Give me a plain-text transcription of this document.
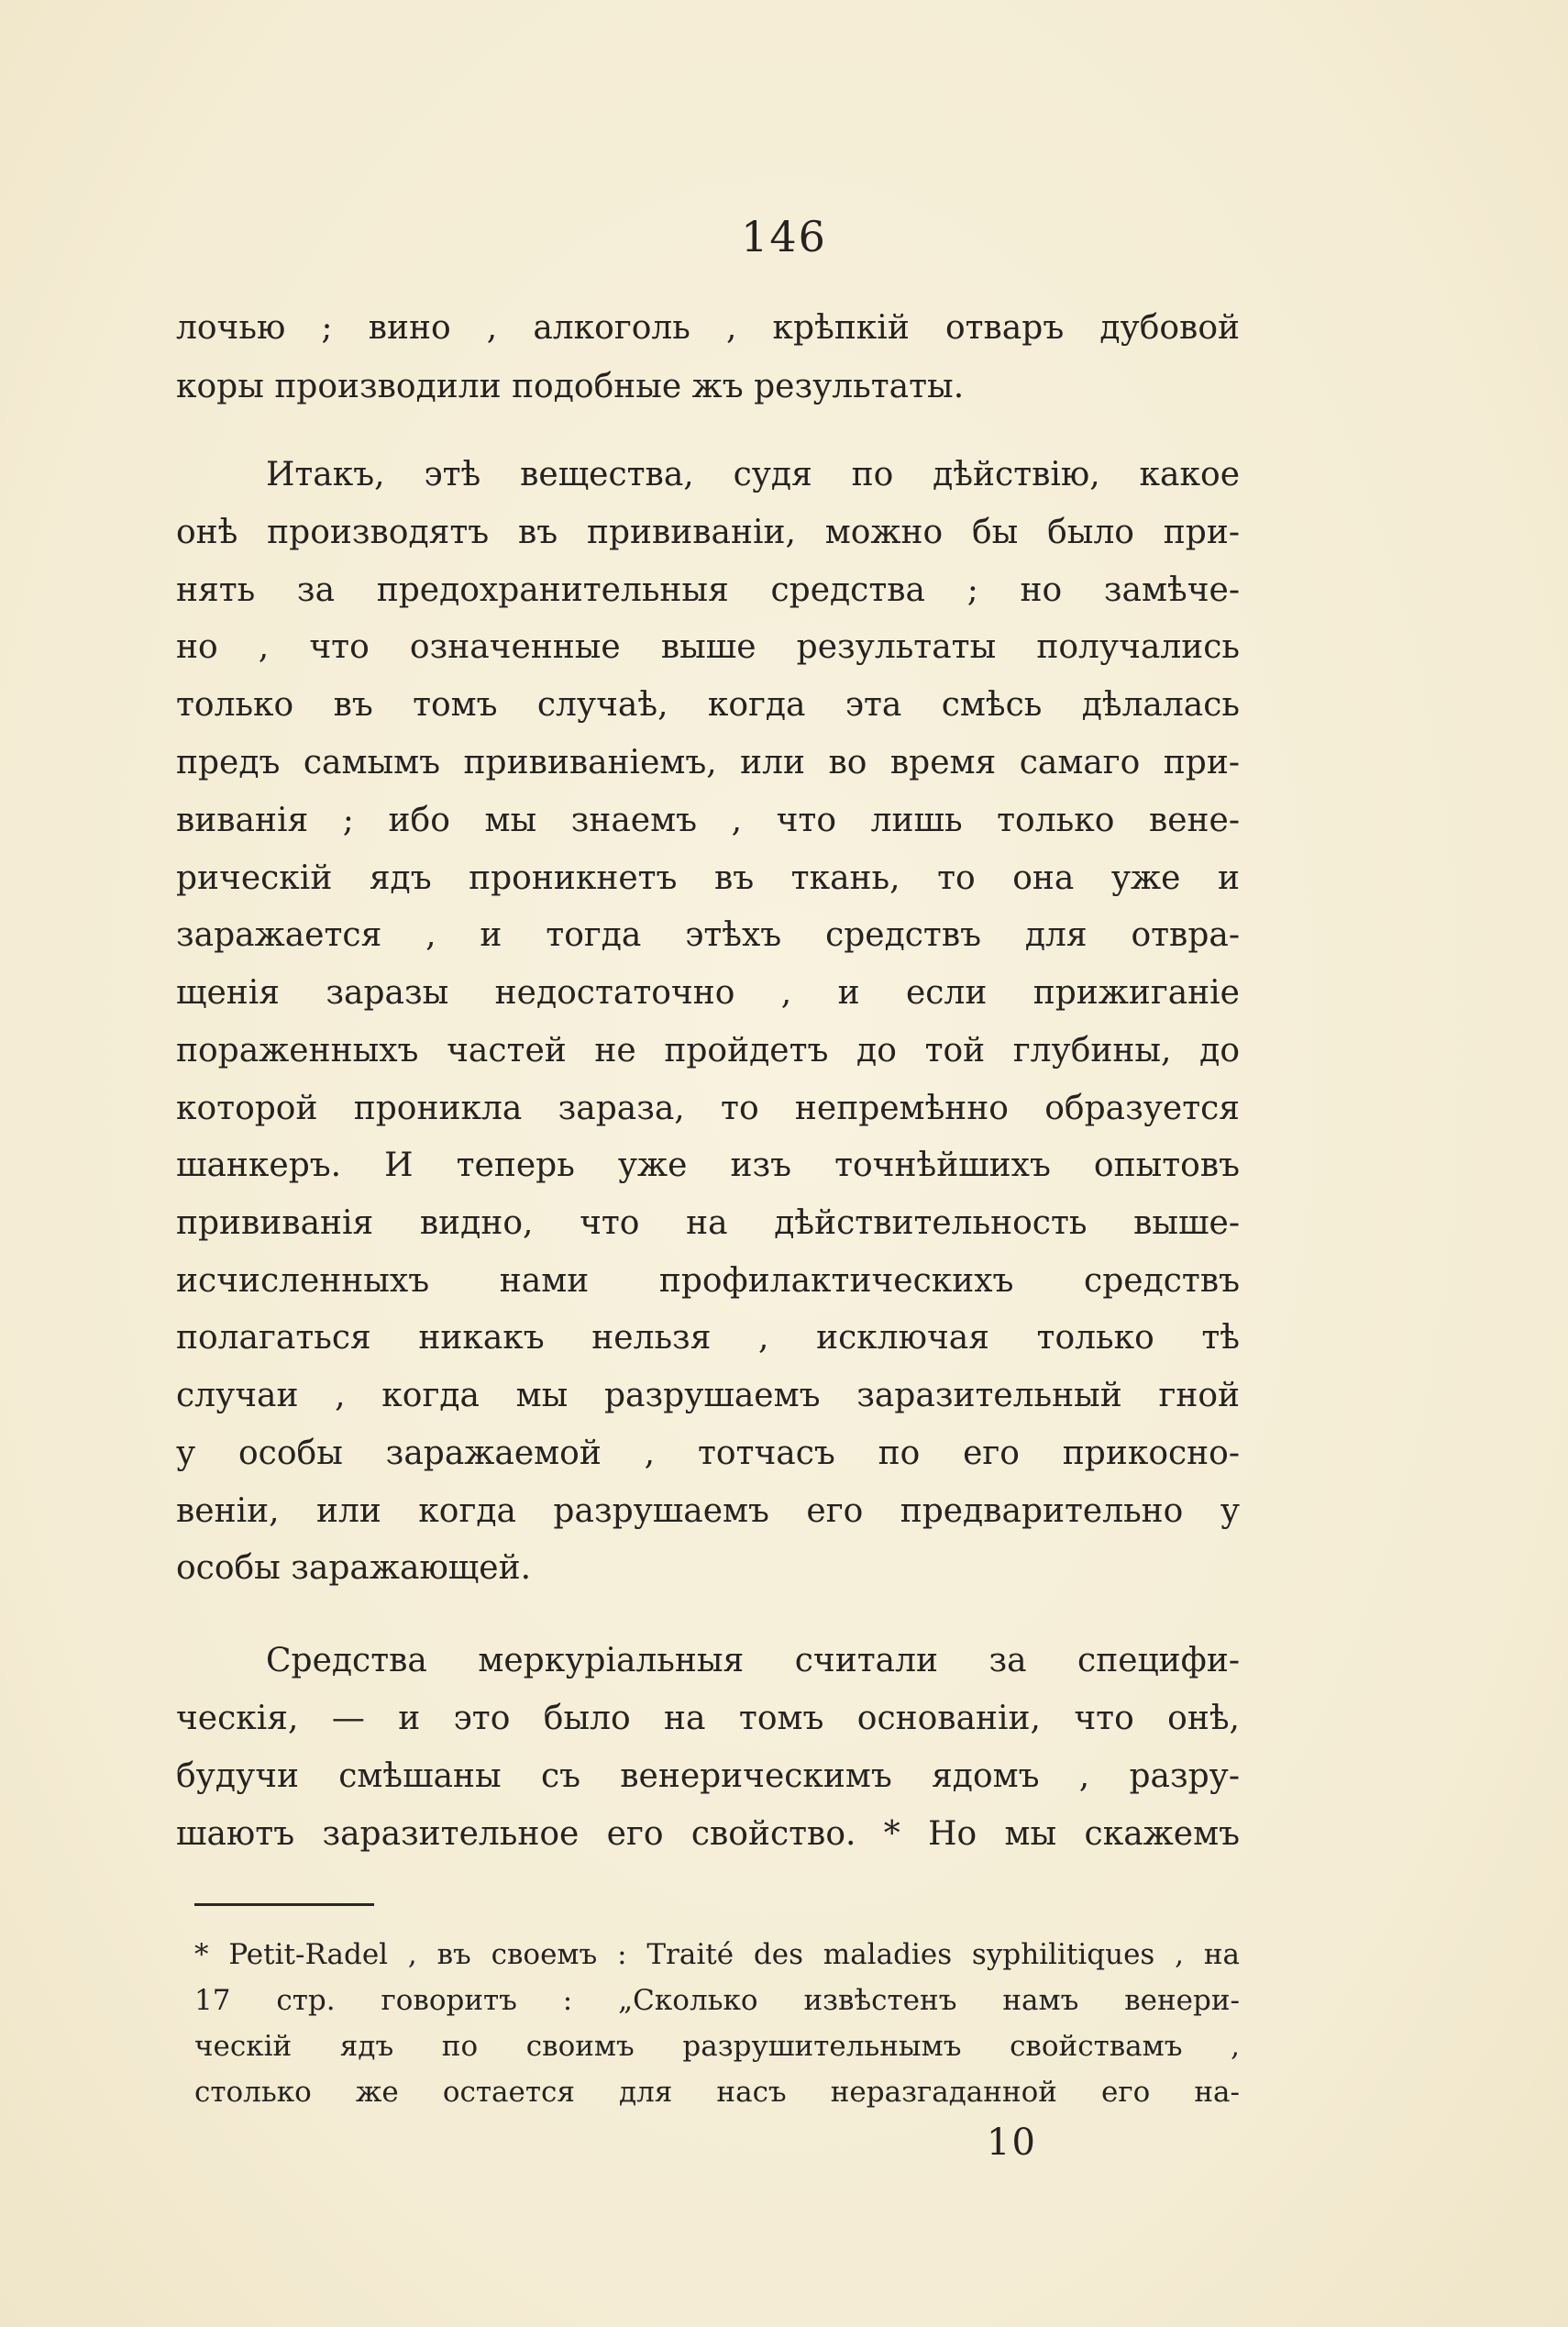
146
лочью ; вино , алкоголь , крѣпкій отваръ дубовой
коры производили подобные жъ результаты.
Итакъ, этѣ вещества, судя по дѣйствію, какое
онѣ производятъ въ прививаніи, можно бы было при-
нять за предохранительныя средства ; но замѣче-
но , что означенные выше результаты получались
только въ томъ случаѣ, когда эта смѣсь дѣлалась
предъ самымъ прививаніемъ, или во время самаго при-
виванія ; ибо мы знаемъ , что лишь только вене-
рическій ядъ проникнетъ въ ткань, то она уже и
заражается , и тогда этѣхъ средствъ для отвра-
щенія заразы недостаточно , и если прижиганіе
пораженныхъ частей не пройдетъ до той глубины, до
которой проникла зараза, то непремѣнно образуется
шанкеръ. И теперь уже изъ точнѣйшихъ опытовъ
прививанія видно, что на дѣйствительность выше-
исчисленныхъ нами профилактическихъ средствъ
полагаться никакъ нельзя , исключая только тѣ
случаи , когда мы разрушаемъ заразительный гной
у особы заражаемой , тотчасъ по его прикосно-
веніи, или когда разрушаемъ его предварительно у
особы заражающей.
Средства меркуріальныя считали за специфи-
ческія, — и это было на томъ основаніи, что онѣ,
будучи смѣшаны съ венерическимъ ядомъ , разру-
шаютъ заразительное его свойство. * Но мы скажемъ
* Petit-Radel , въ своемъ : Traité des maladies syphilitiques , на
17 стр. говоритъ : „Сколько извѣстенъ намъ венери-
ческій ядъ по своимъ разрушительнымъ свойствамъ ,
столько же остается для насъ неразгаданной его на-
10
